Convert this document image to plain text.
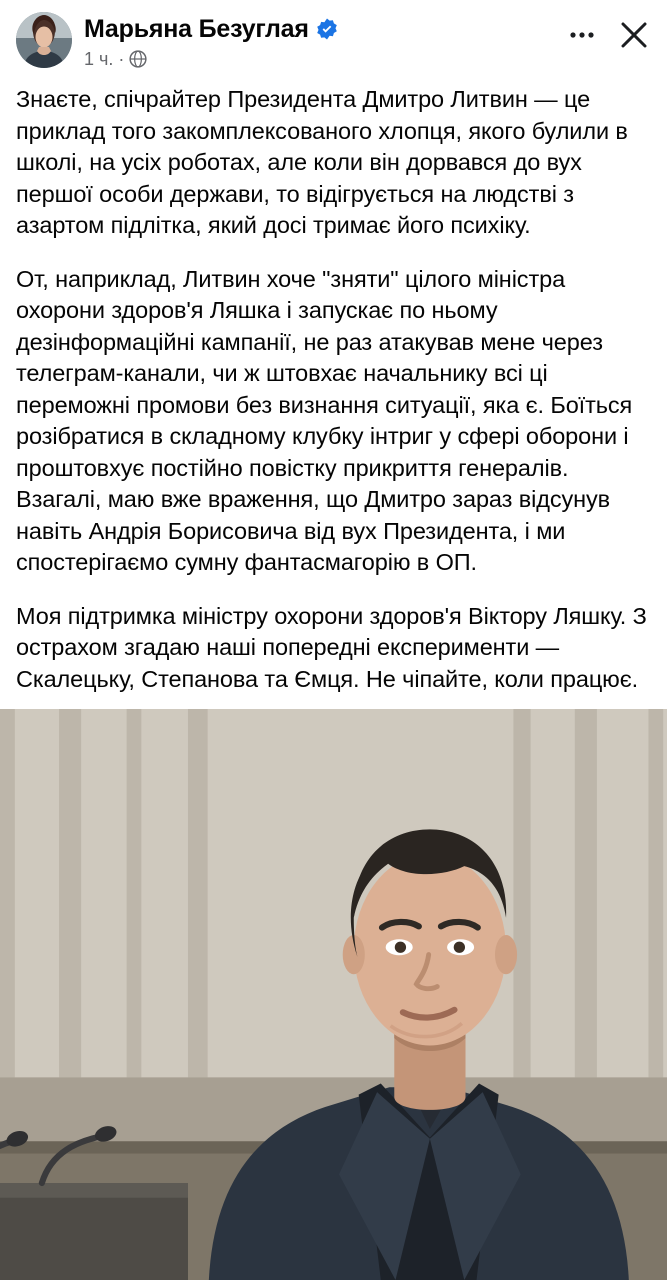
Марьяна Безуглая
1 ч. ·

Знаєте, спічрайтер Президента Дмитро Литвин — це приклад того закомплексованого хлопця, якого булили в школі, на усіх роботах, але коли він дорвався до вух першої особи держави, то відігрується на людстві з азартом підлітка, який досі тримає його психіку.

От, наприклад, Литвин хоче "зняти" цілого міністра охорони здоров'я Ляшка і запускає по ньому дезінформаційні кампанії, не раз атакував мене через телеграм-канали, чи ж штовхає начальнику всі ці переможні промови без визнання ситуації, яка є. Боїться розібратися в складному клубку інтриг у сфері оборони і проштовхує постійно повістку прикриття генералів. Взагалі, маю вже враження, що Дмитро зараз відсунув навіть Андрія Борисовича від вух Президента, і ми спостерігаємо сумну фантасмагорію в ОП.

Моя підтримка міністру охорони здоров'я Віктору Ляшку. З острахом згадаю наші попередні експерименти — Скалецьку, Степанова та Ємця. Не чіпайте, коли працює.
